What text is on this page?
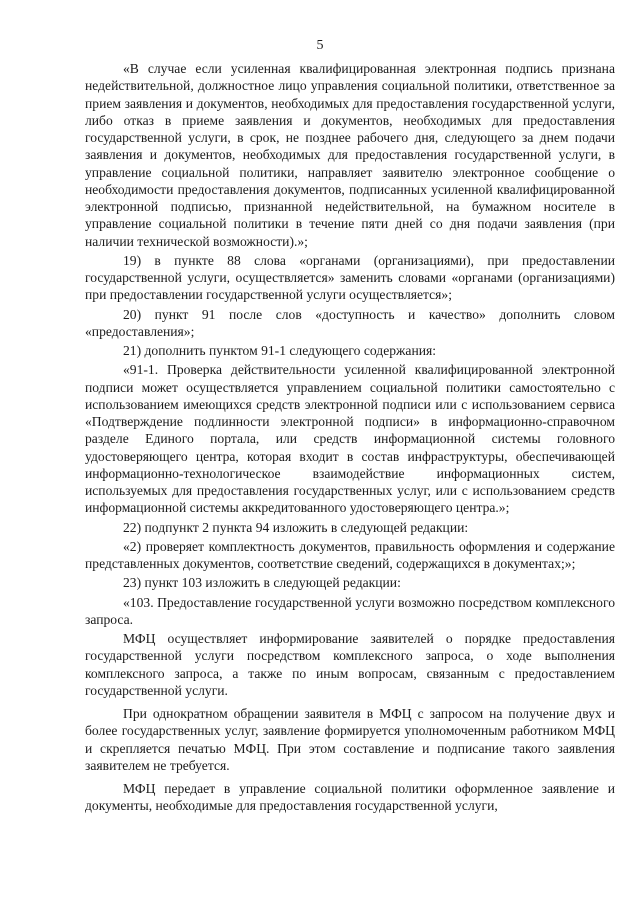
5

«В случае если усиленная квалифицированная электронная подпись признана недействительной, должностное лицо управления социальной политики, ответственное за прием заявления и документов, необходимых для предоставления государственной услуги, либо отказ в приеме заявления и документов, необходимых для предоставления государственной услуги, в срок, не позднее рабочего дня, следующего за днем подачи заявления и документов, необходимых для предоставления государственной услуги, в управление социальной политики, направляет заявителю электронное сообщение о необходимости предоставления документов, подписанных усиленной квалифицированной электронной подписью, признанной недействительной, на бумажном носителе в управление социальной политики в течение пяти дней со дня подачи заявления (при наличии технической возможности).»;

19) в пункте 88 слова «органами (организациями), при предоставлении государственной услуги, осуществляется» заменить словами «органами (организациями) при предоставлении государственной услуги осуществляется»;

20) пункт 91 после слов «доступность и качество» дополнить словом «предоставления»;

21) дополнить пунктом 91-1 следующего содержания:

«91-1. Проверка действительности усиленной квалифицированной электронной подписи может осуществляется управлением социальной политики самостоятельно с использованием имеющихся средств электронной подписи или с использованием сервиса «Подтверждение подлинности электронной подписи» в информационно-справочном разделе Единого портала, или средств информационной системы головного удостоверяющего центра, которая входит в состав инфраструктуры, обеспечивающей информационно-технологическое взаимодействие информационных систем, используемых для предоставления государственных услуг, или с использованием средств информационной системы аккредитованного удостоверяющего центра.»;

22) подпункт 2 пункта 94 изложить в следующей редакции:

«2) проверяет комплектность документов, правильность оформления и содержание представленных документов, соответствие сведений, содержащихся в документах;»;

23) пункт 103 изложить в следующей редакции:

«103. Предоставление государственной услуги возможно посредством комплексного запроса.

МФЦ осуществляет информирование заявителей о порядке предоставления государственной услуги посредством комплексного запроса, о ходе выполнения комплексного запроса, а также по иным вопросам, связанным с предоставлением государственной услуги.

При однократном обращении заявителя в МФЦ с запросом на получение двух и более государственных услуг, заявление формируется уполномоченным работником МФЦ и скрепляется печатью МФЦ. При этом составление и подписание такого заявления заявителем не требуется.

МФЦ передает в управление социальной политики оформленное заявление и документы, необходимые для предоставления государственной услуги,
